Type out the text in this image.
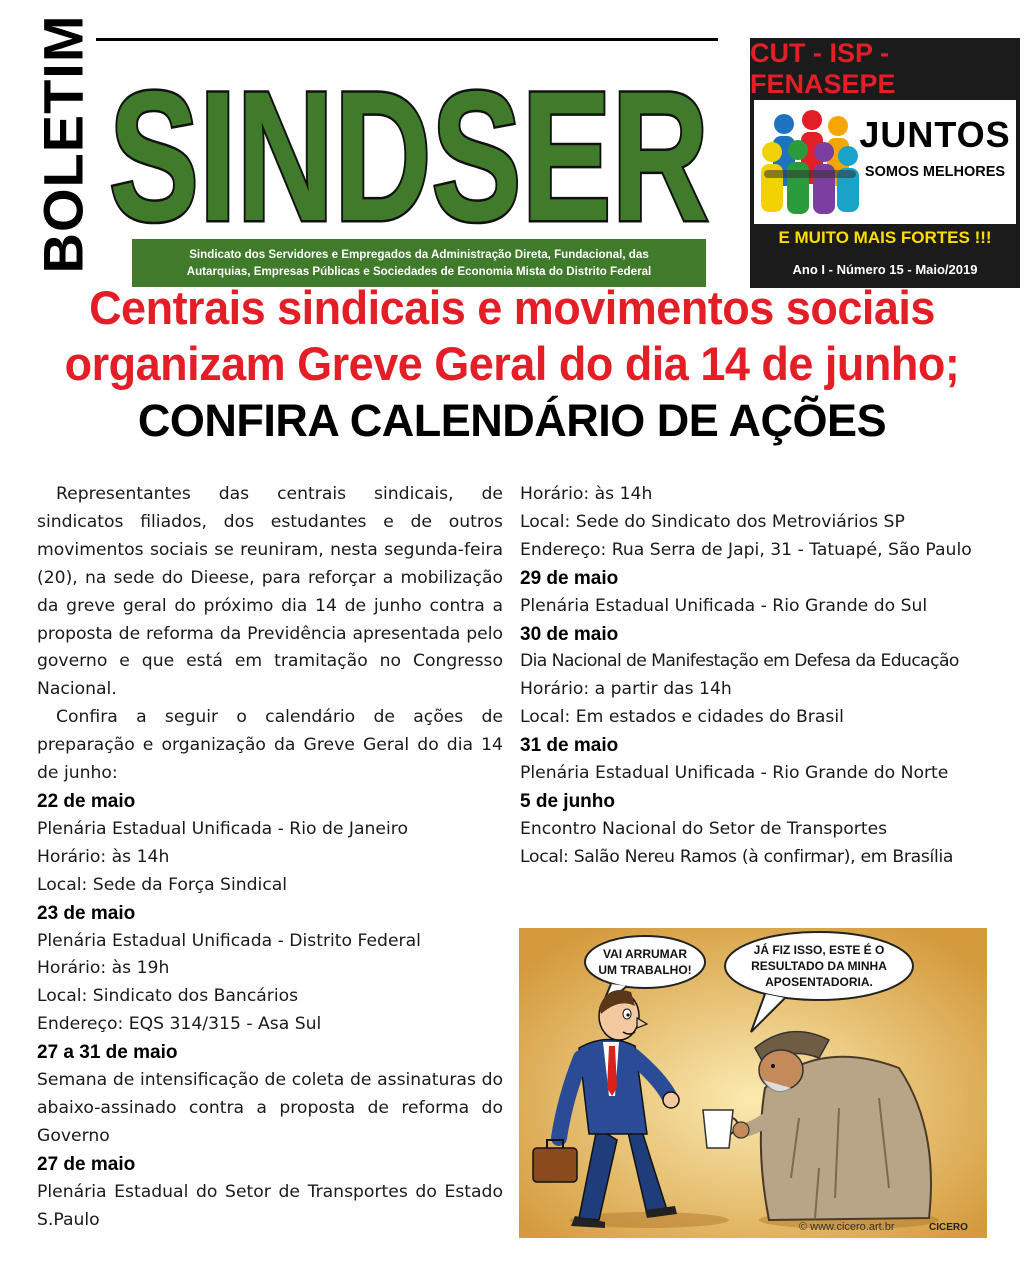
BOLETIM SINDSER
Sindicato dos Servidores e Empregados da Administração Direta, Fundacional, das
Autarquias, Empresas Públicas e Sociedades de Economia Mista do Distrito Federal
CUT - ISP - FENASEPE
JUNTOS
SOMOS MELHORES
E MUITO MAIS FORTES !!!
Ano I - Número 15 - Maio/2019
Centrais sindicais e movimentos sociais
organizam Greve Geral do dia 14 de junho;
CONFIRA CALENDÁRIO DE AÇÕES

Representantes das centrais sindicais, de sindicatos filiados, dos estudantes e de outros movimentos sociais se reuniram, nesta segunda-feira (20), na sede do Dieese, para reforçar a mobilização da greve geral do próximo dia 14 de junho contra a proposta de reforma da Previdência apresentada pelo governo e que está em tramitação no Congresso Nacional.

Confira a seguir o calendário de ações de preparação e organização da Greve Geral do dia 14 de junho:

22 de maio
Plenária Estadual Unificada - Rio de Janeiro
Horário: às 14h
Local: Sede da Força Sindical
23 de maio
Plenária Estadual Unificada - Distrito Federal
Horário: às 19h
Local: Sindicato dos Bancários
Endereço: EQS 314/315 - Asa Sul
27 a 31 de maio

Semana de intensificação de coleta de assinaturas do abaixo-assinado contra a proposta de reforma do Governo

27 de maio

Plenária Estadual do Setor de Transportes do Estado S.Paulo

Horário: às 14h
Local: Sede do Sindicato dos Metroviários SP

Endereço: Rua Serra de Japi, 31 - Tatuapé, São Paulo

29 de maio
Plenária Estadual Unificada - Rio Grande do Sul
30 de maio
Dia Nacional de Manifestação em Defesa da Educação
Horário: a partir das 14h
Local: Em estados e cidades do Brasil
31 de maio
Plenária Estadual Unificada - Rio Grande do Norte
5 de junho
Encontro Nacional do Setor de Transportes
Local: Salão Nereu Ramos (à confirmar), em Brasília
VAI ARRUMAR
UM TRABALHO!
JÁ FIZ ISSO, ESTE É O
RESULTADO DA MINHA
APOSENTADORIA.
© www.cicero.art.br	CICERO
